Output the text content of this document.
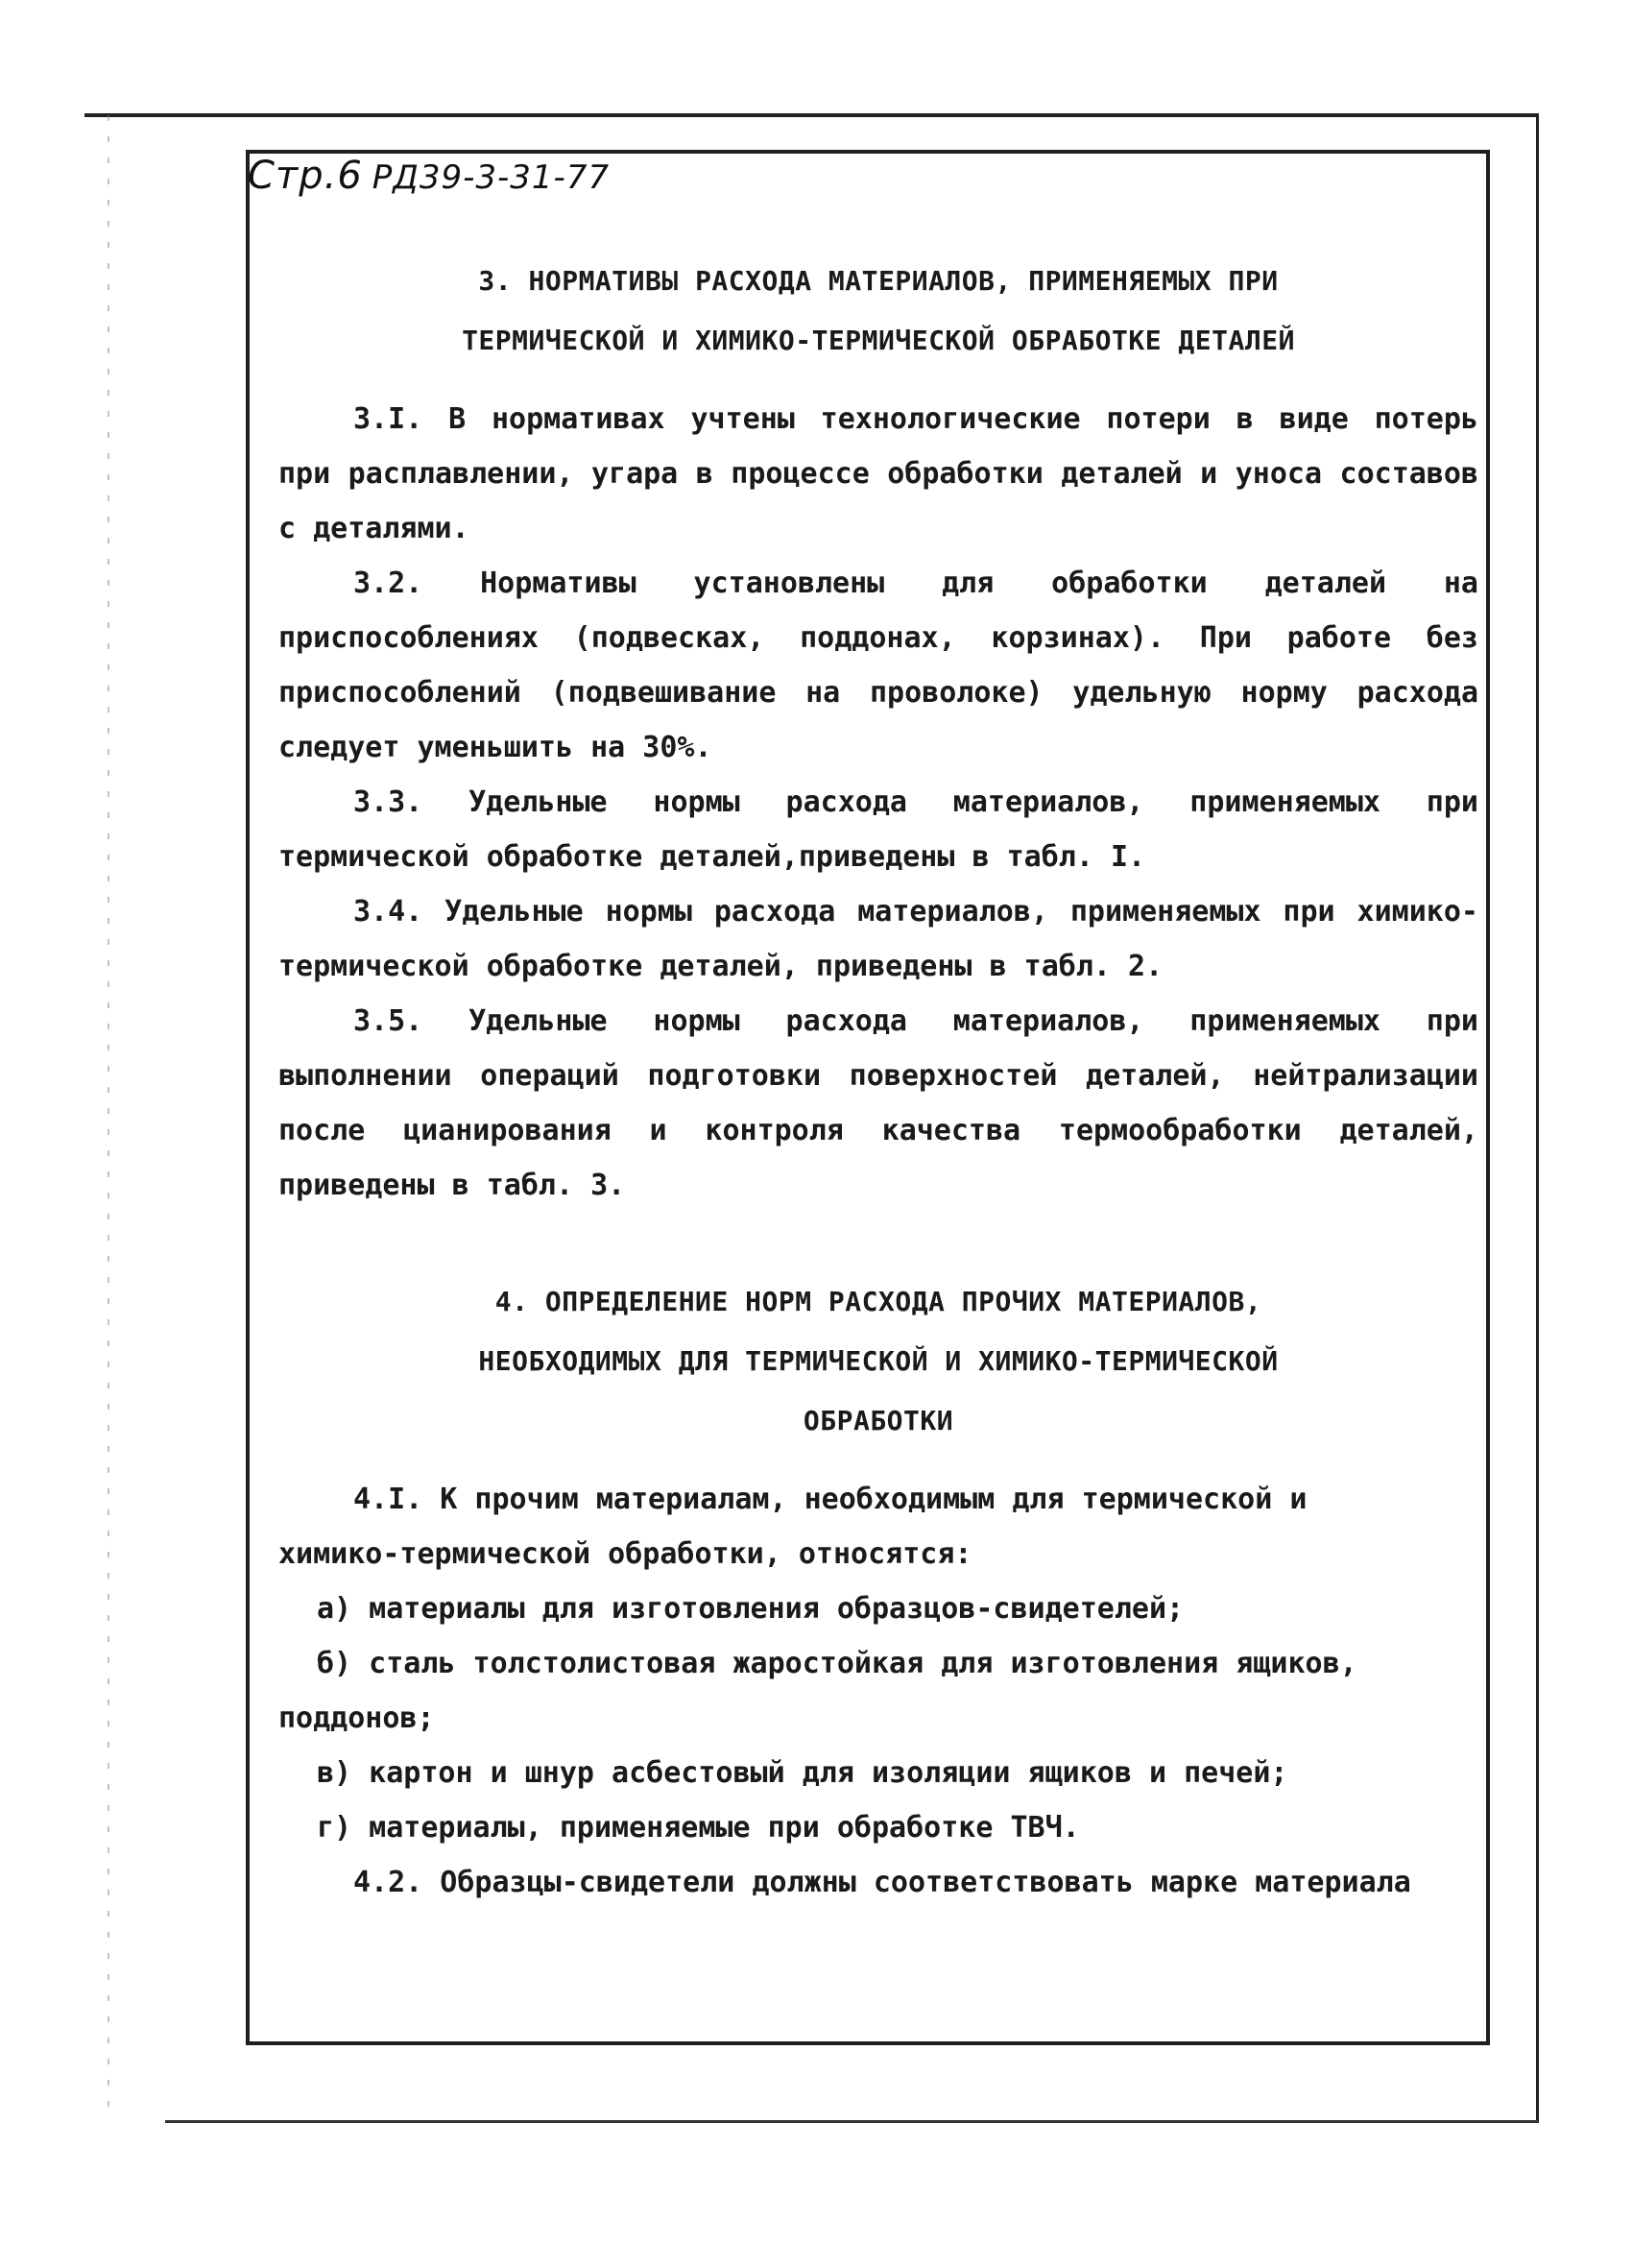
Стр.6 РД39-3-31-77
3. НОРМАТИВЫ РАСХОДА МАТЕРИАЛОВ, ПРИМЕНЯЕМЫХ ПРИ
ТЕРМИЧЕСКОЙ И ХИМИКО-ТЕРМИЧЕСКОЙ ОБРАБОТКЕ ДЕТАЛЕЙ

3.I. В нормативах учтены технологические потери в виде потерь при расплавлении, угара в процессе обработки деталей и уноса составов с деталями.

3.2. Нормативы установлены для обработки деталей на приспособлениях (подвесках, поддонах, корзинах). При работе без приспособлений (подвешивание на проволоке) удельную норму расхода следует уменьшить на 30%.

3.3. Удельные нормы расхода материалов, применяемых при термической обработке деталей,приведены в табл. I.

3.4. Удельные нормы расхода материалов, применяемых при химико-термической обработке деталей, приведены в табл. 2.

3.5. Удельные нормы расхода материалов, применяемых при выполнении операций подготовки поверхностей деталей, нейтрализации после цианирования и контроля качества термообработки деталей, приведены в табл. 3.

4. ОПРЕДЕЛЕНИЕ НОРМ РАСХОДА ПРОЧИХ МАТЕРИАЛОВ,
НЕОБХОДИМЫХ ДЛЯ ТЕРМИЧЕСКОЙ И ХИМИКО-ТЕРМИЧЕСКОЙ
ОБРАБОТКИ

4.I. К прочим материалам, необходимым для термической и

химико-термической обработки, относятся:

а) материалы для изготовления образцов-свидетелей;

б) сталь толстолистовая жаростойкая для изготовления ящиков, поддонов;

в) картон и шнур асбестовый для изоляции ящиков и печей;

г) материалы, применяемые при обработке ТВЧ.

4.2. Образцы-свидетели должны соответствовать марке материала
